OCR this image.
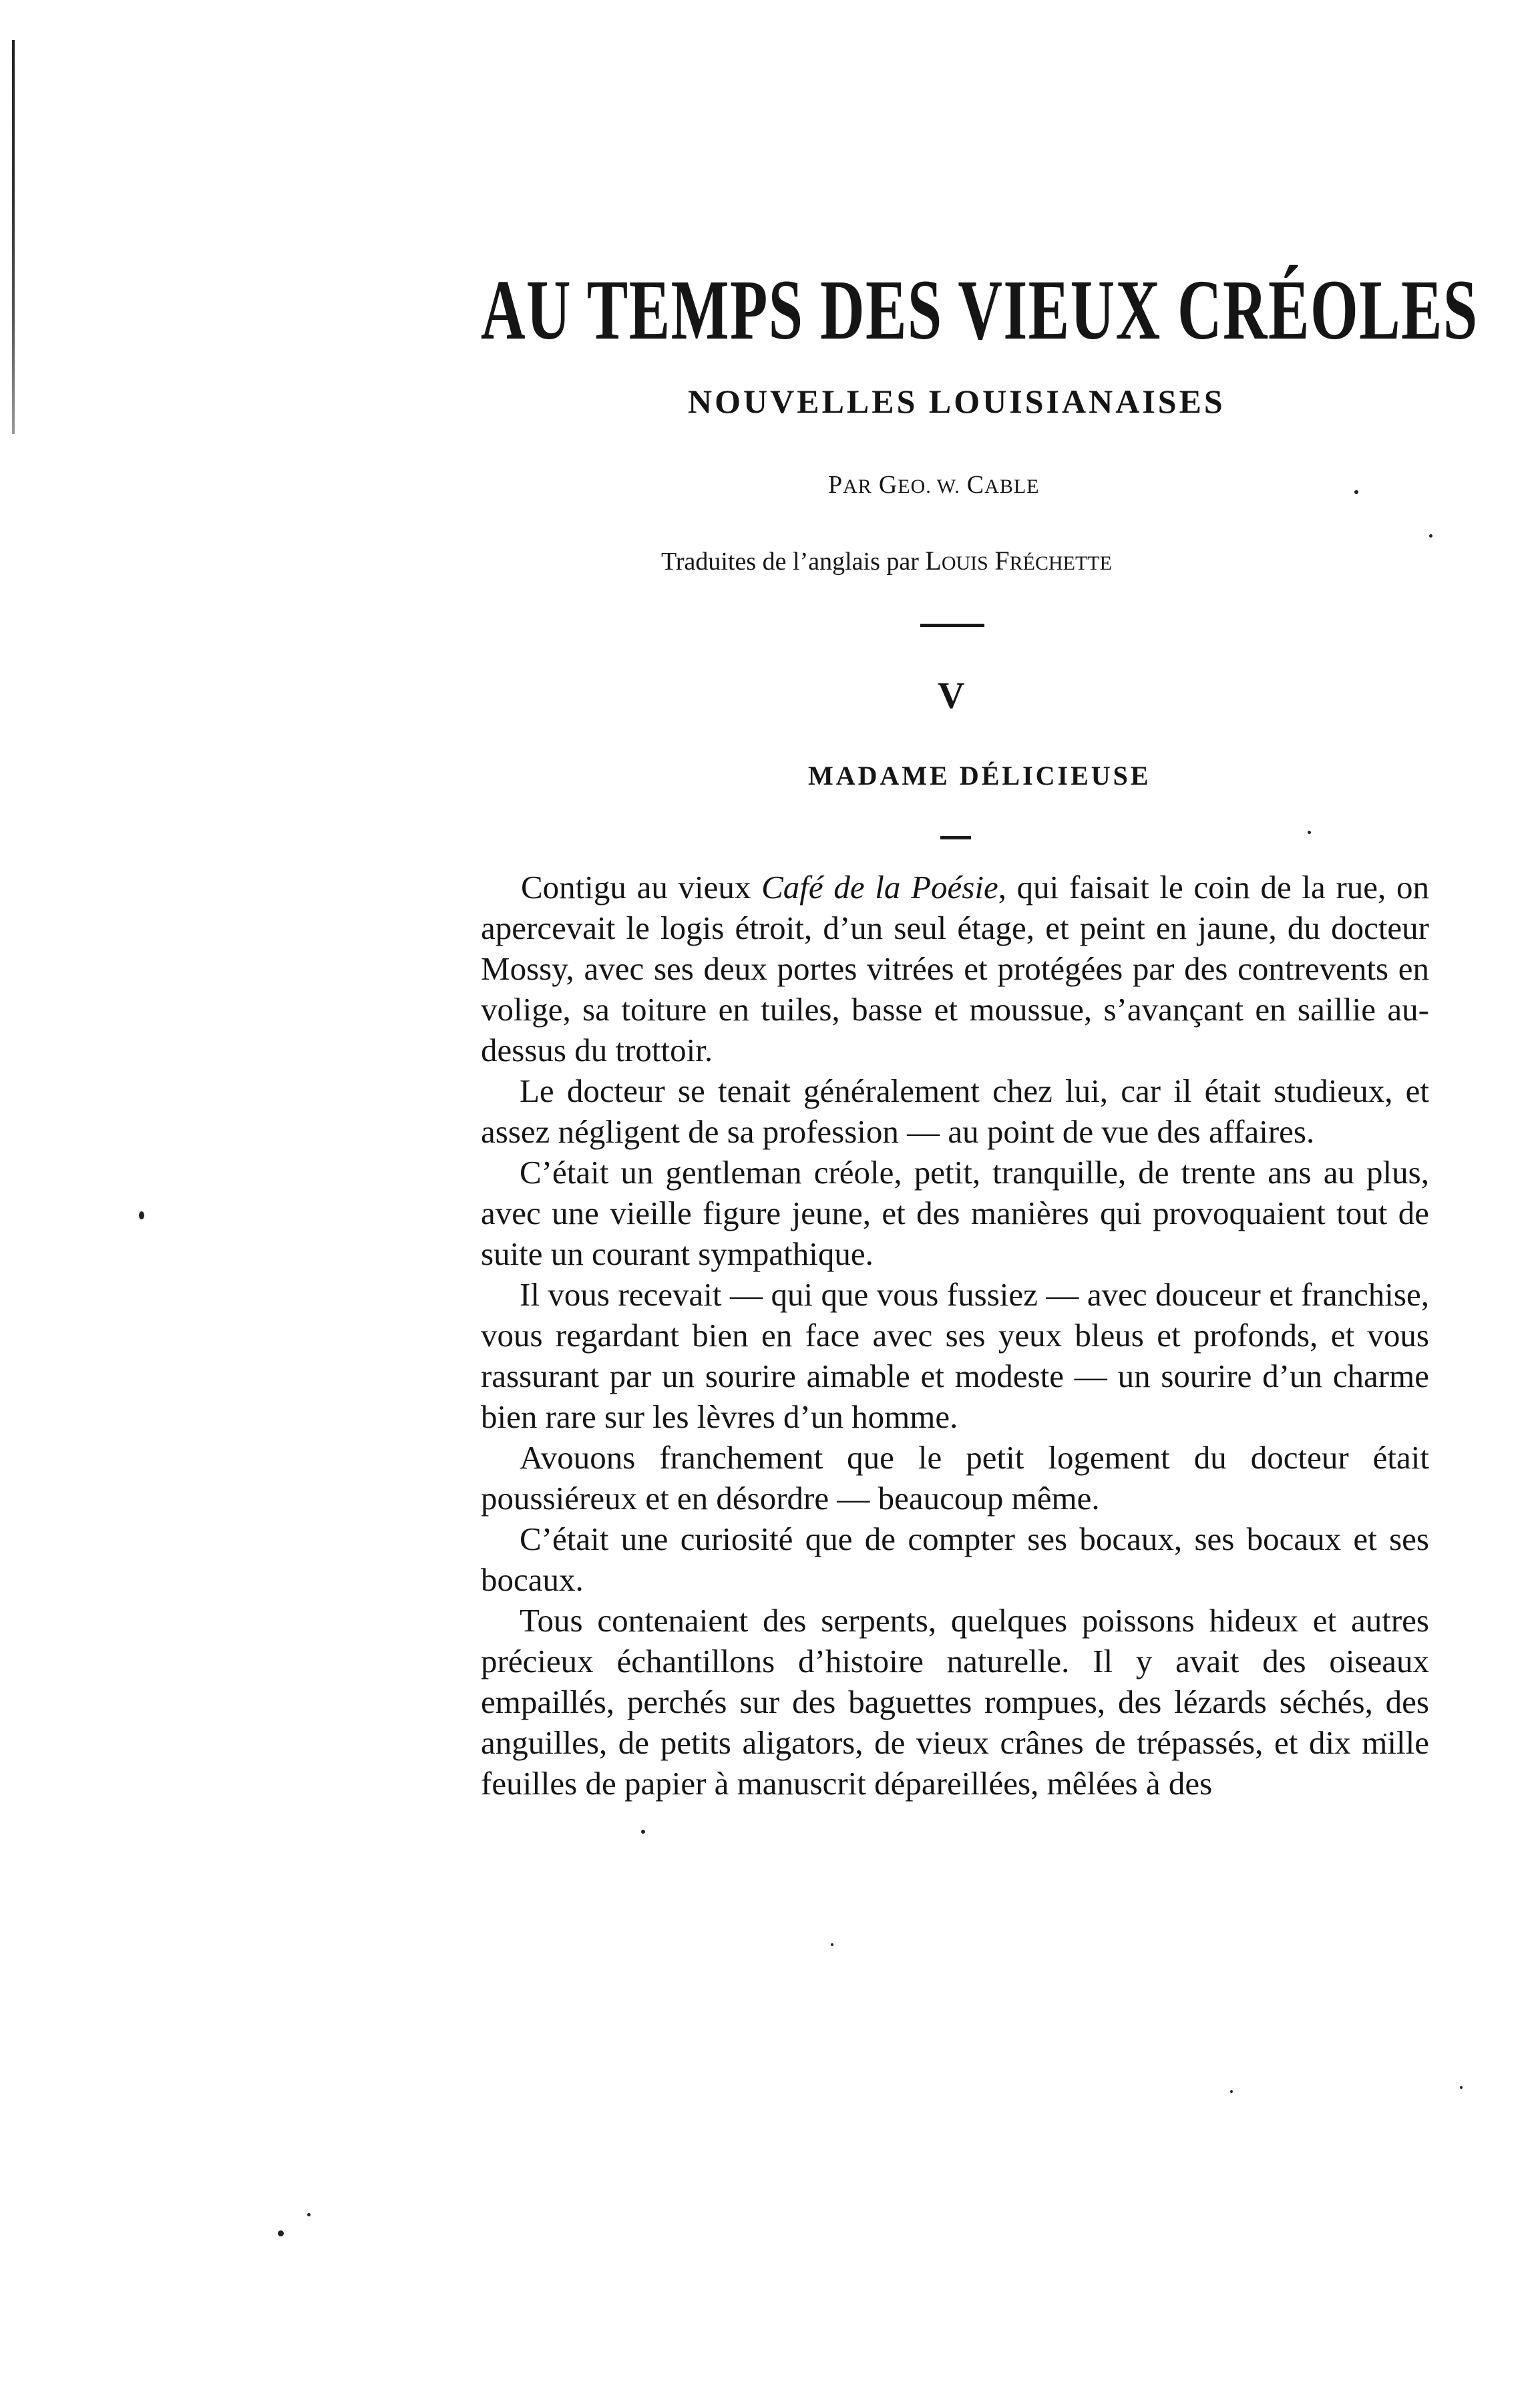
AU TEMPS DES VIEUX CRÉOLES
NOUVELLES LOUISIANAISES

PAR GEO. W. CABLE

Traduites de l’anglais par LOUIS FRÉCHETTE

V
MADAME DÉLICIEUSE

Contigu au vieux Café de la Poésie, qui faisait le coin de la rue, on apercevait le logis étroit, d’un seul étage, et peint en jaune, du docteur Mossy, avec ses deux portes vitrées et protégées par des contrevents en volige, sa toiture en tuiles, basse et moussue, s’avançant en saillie au-dessus du trottoir.

Le docteur se tenait généralement chez lui, car il était studieux, et assez négligent de sa profession — au point de vue des affaires.

C’était un gentleman créole, petit, tranquille, de trente ans au plus, avec une vieille figure jeune, et des manières qui provoquaient tout de suite un courant sympathique.

Il vous recevait — qui que vous fussiez — avec douceur et franchise, vous regardant bien en face avec ses yeux bleus et profonds, et vous rassurant par un sourire aimable et modeste — un sourire d’un charme bien rare sur les lèvres d’un homme.

Avouons franchement que le petit logement du docteur était poussiéreux et en désordre — beaucoup même.

C’était une curiosité que de compter ses bocaux, ses bocaux et ses bocaux.

Tous contenaient des serpents, quelques poissons hideux et autres précieux échantillons d’histoire naturelle. Il y avait des oiseaux empaillés, perchés sur des baguettes rompues, des lézards séchés, des anguilles, de petits aligators, de vieux crânes de trépassés, et dix mille feuilles de papier à manuscrit dépareillées, mêlées à des
